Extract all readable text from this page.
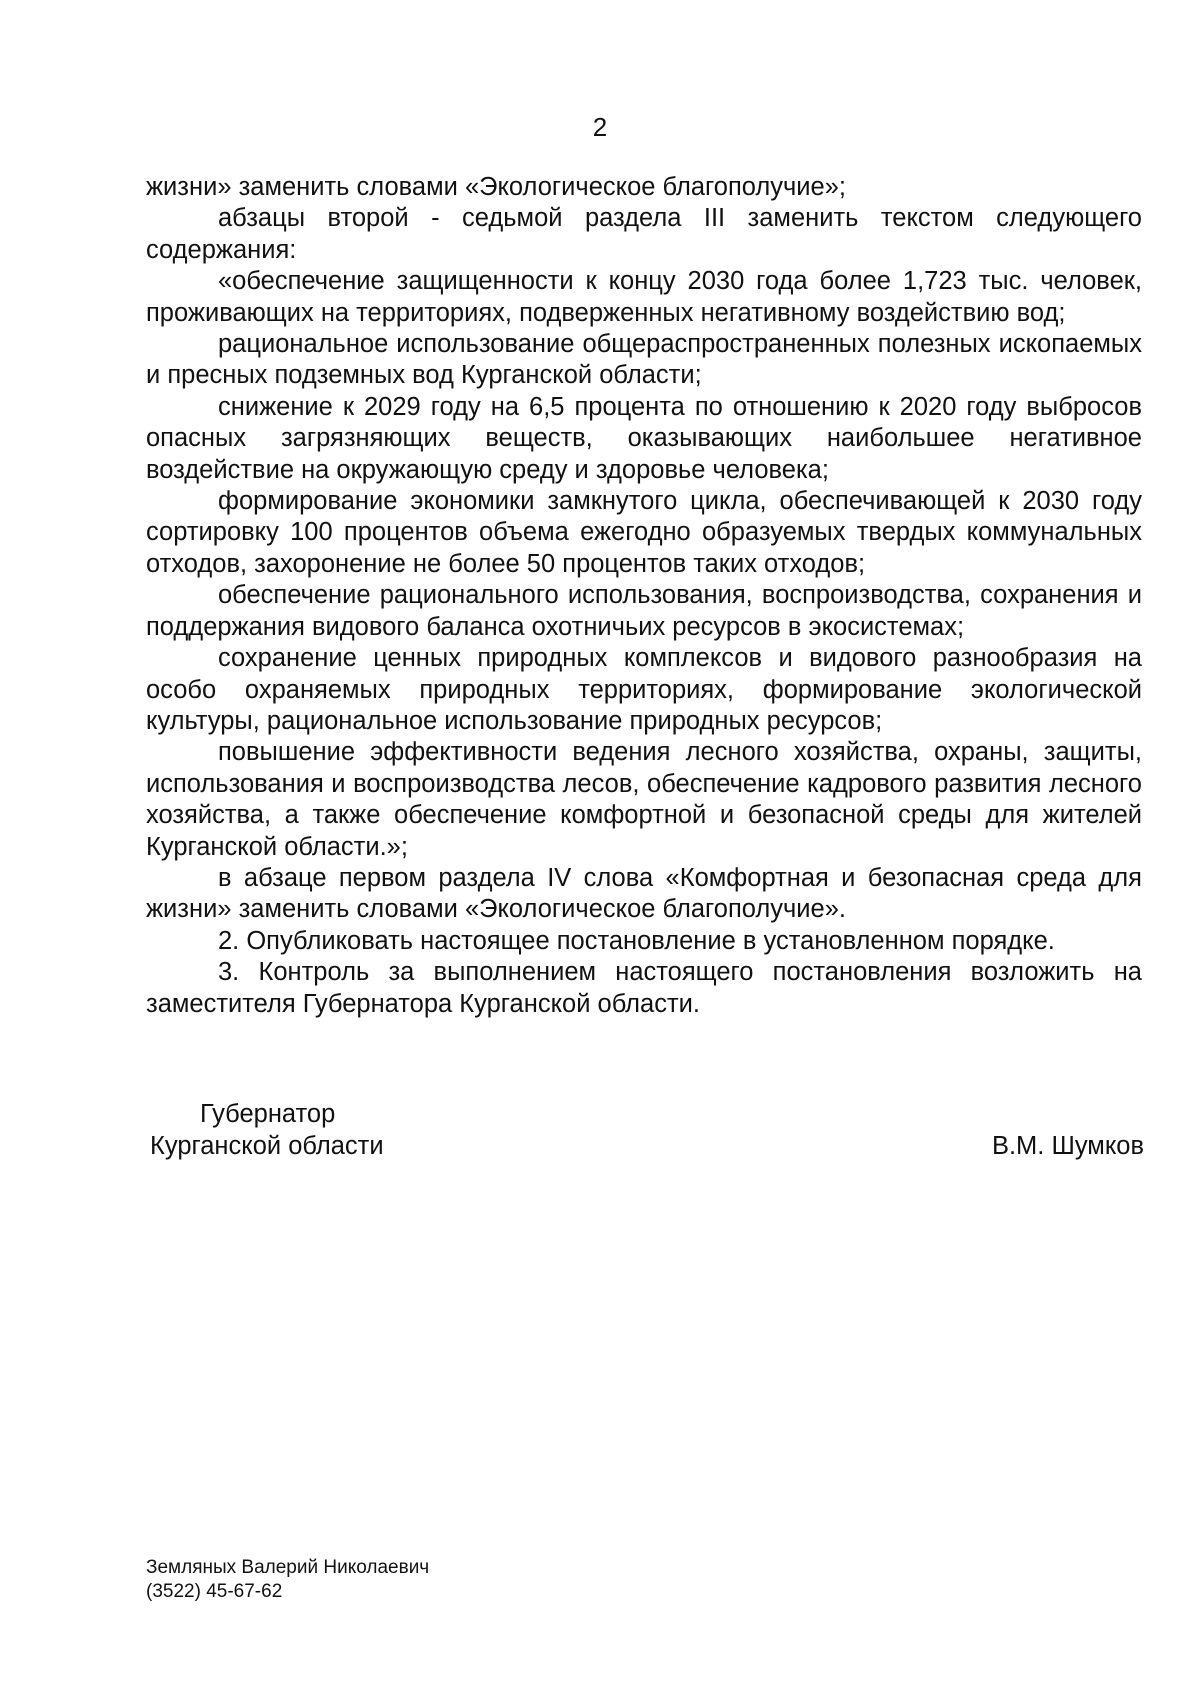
2

жизни» заменить словами «Экологическое благополучие»;

абзацы второй - седьмой раздела III заменить текстом следующего содержания:

«обеспечение защищенности к концу 2030 года более 1,723 тыс. человек, проживающих на территориях, подверженных негативному воздействию вод;

рациональное использование общераспространенных полезных ископаемых и пресных подземных вод Курганской области;

снижение к 2029 году на 6,5 процента по отношению к 2020 году выбросов опасных загрязняющих веществ, оказывающих наибольшее негативное воздействие на окружающую среду и здоровье человека;

формирование экономики замкнутого цикла, обеспечивающей к 2030 году сортировку 100 процентов объема ежегодно образуемых твердых коммунальных отходов, захоронение не более 50 процентов таких отходов;

обеспечение рационального использования, воспроизводства, сохранения и поддержания видового баланса охотничьих ресурсов в экосистемах;

сохранение ценных природных комплексов и видового разнообразия на особо охраняемых природных территориях, формирование экологической культуры, рациональное использование природных ресурсов;

повышение эффективности ведения лесного хозяйства, охраны, защиты, использования и воспроизводства лесов, обеспечение кадрового развития лесного хозяйства, а также обеспечение комфортной и безопасной среды для жителей Курганской области.»;

в абзаце первом раздела IV слова «Комфортная и безопасная среда для жизни» заменить словами «Экологическое благополучие».

2. Опубликовать настоящее постановление в установленном порядке.

3. Контроль за выполнением настоящего постановления возложить на заместителя Губернатора Курганской области.

Губернатор
Курганской области	В.М. Шумков
Земляных Валерий Николаевич
(3522) 45-67-62
